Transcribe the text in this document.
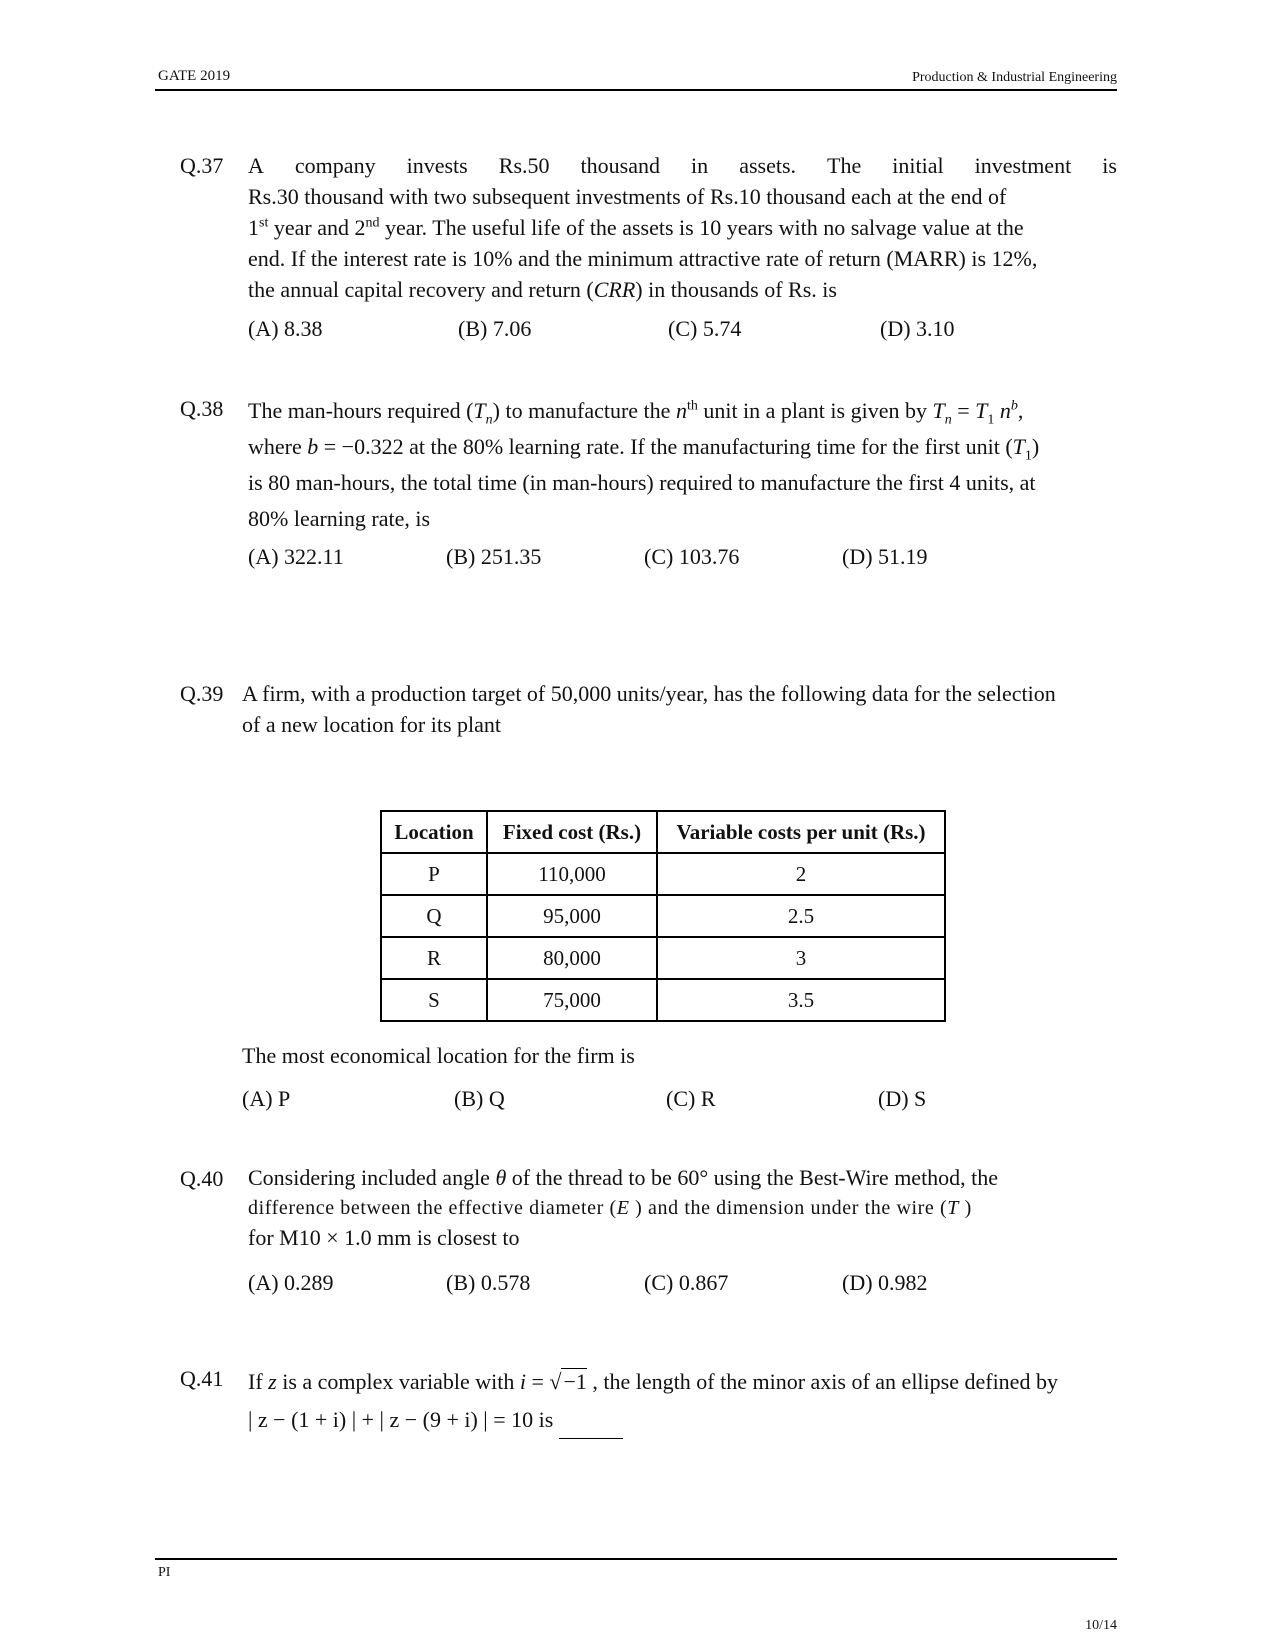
GATE 2019	Production & Industrial Engineering
Q.37 A company invests Rs.50 thousand in assets. The initial investment is
Rs.30 thousand with two subsequent investments of Rs.10 thousand each at the end of
1st year and 2nd year. The useful life of the assets is 10 years with no salvage value at the
end. If the interest rate is 10% and the minimum attractive rate of return (MARR) is 12%,
the annual capital recovery and return (CRR) in thousands of Rs. is
(A) 8.38	(B) 7.06	(C) 5.74	(D) 3.10
Q.38 The man-hours required $(T_n)$ to manufacture the $n^{th}$ unit in a plant is given by $T_n = T_1$ $n^b$,
where b = −0.322 at the 80% learning rate. If the manufacturing time for the first unit $(T_1)$
is 80 man-hours, the total time (in man-hours) required to manufacture the first 4 units, at
80% learning rate, is
(A) 322.11	(B) 251.35	(C) 103.76	(D) 51.19
Q.39 A firm, with a production target of 50,000 units/year, has the following data for the selection
of a new location for its plant
Location	Fixed cost (Rs.)	Variable costs per unit (Rs.)
P	110,000	2
Q	95,000	2.5
R	80,000	3
S	75,000	3.5
The most economical location for the firm is
(A) P	(B) Q	(C) R	(D) S
Q.40 Considering included angle θ of the thread to be 60° using the Best-Wire method, the
difference between the effective diameter (E ) and the dimension under the wire (T )
for M10 × 1.0 mm is closest to
(A) 0.289	(B) 0.578	(C) 0.867	(D) 0.982
Q.41 If z is a complex variable with i = √−1 , the length of the minor axis of an ellipse defined by
| z − (1 + i) | + | z − (9 + i) | = 10 is
PI
10/14
